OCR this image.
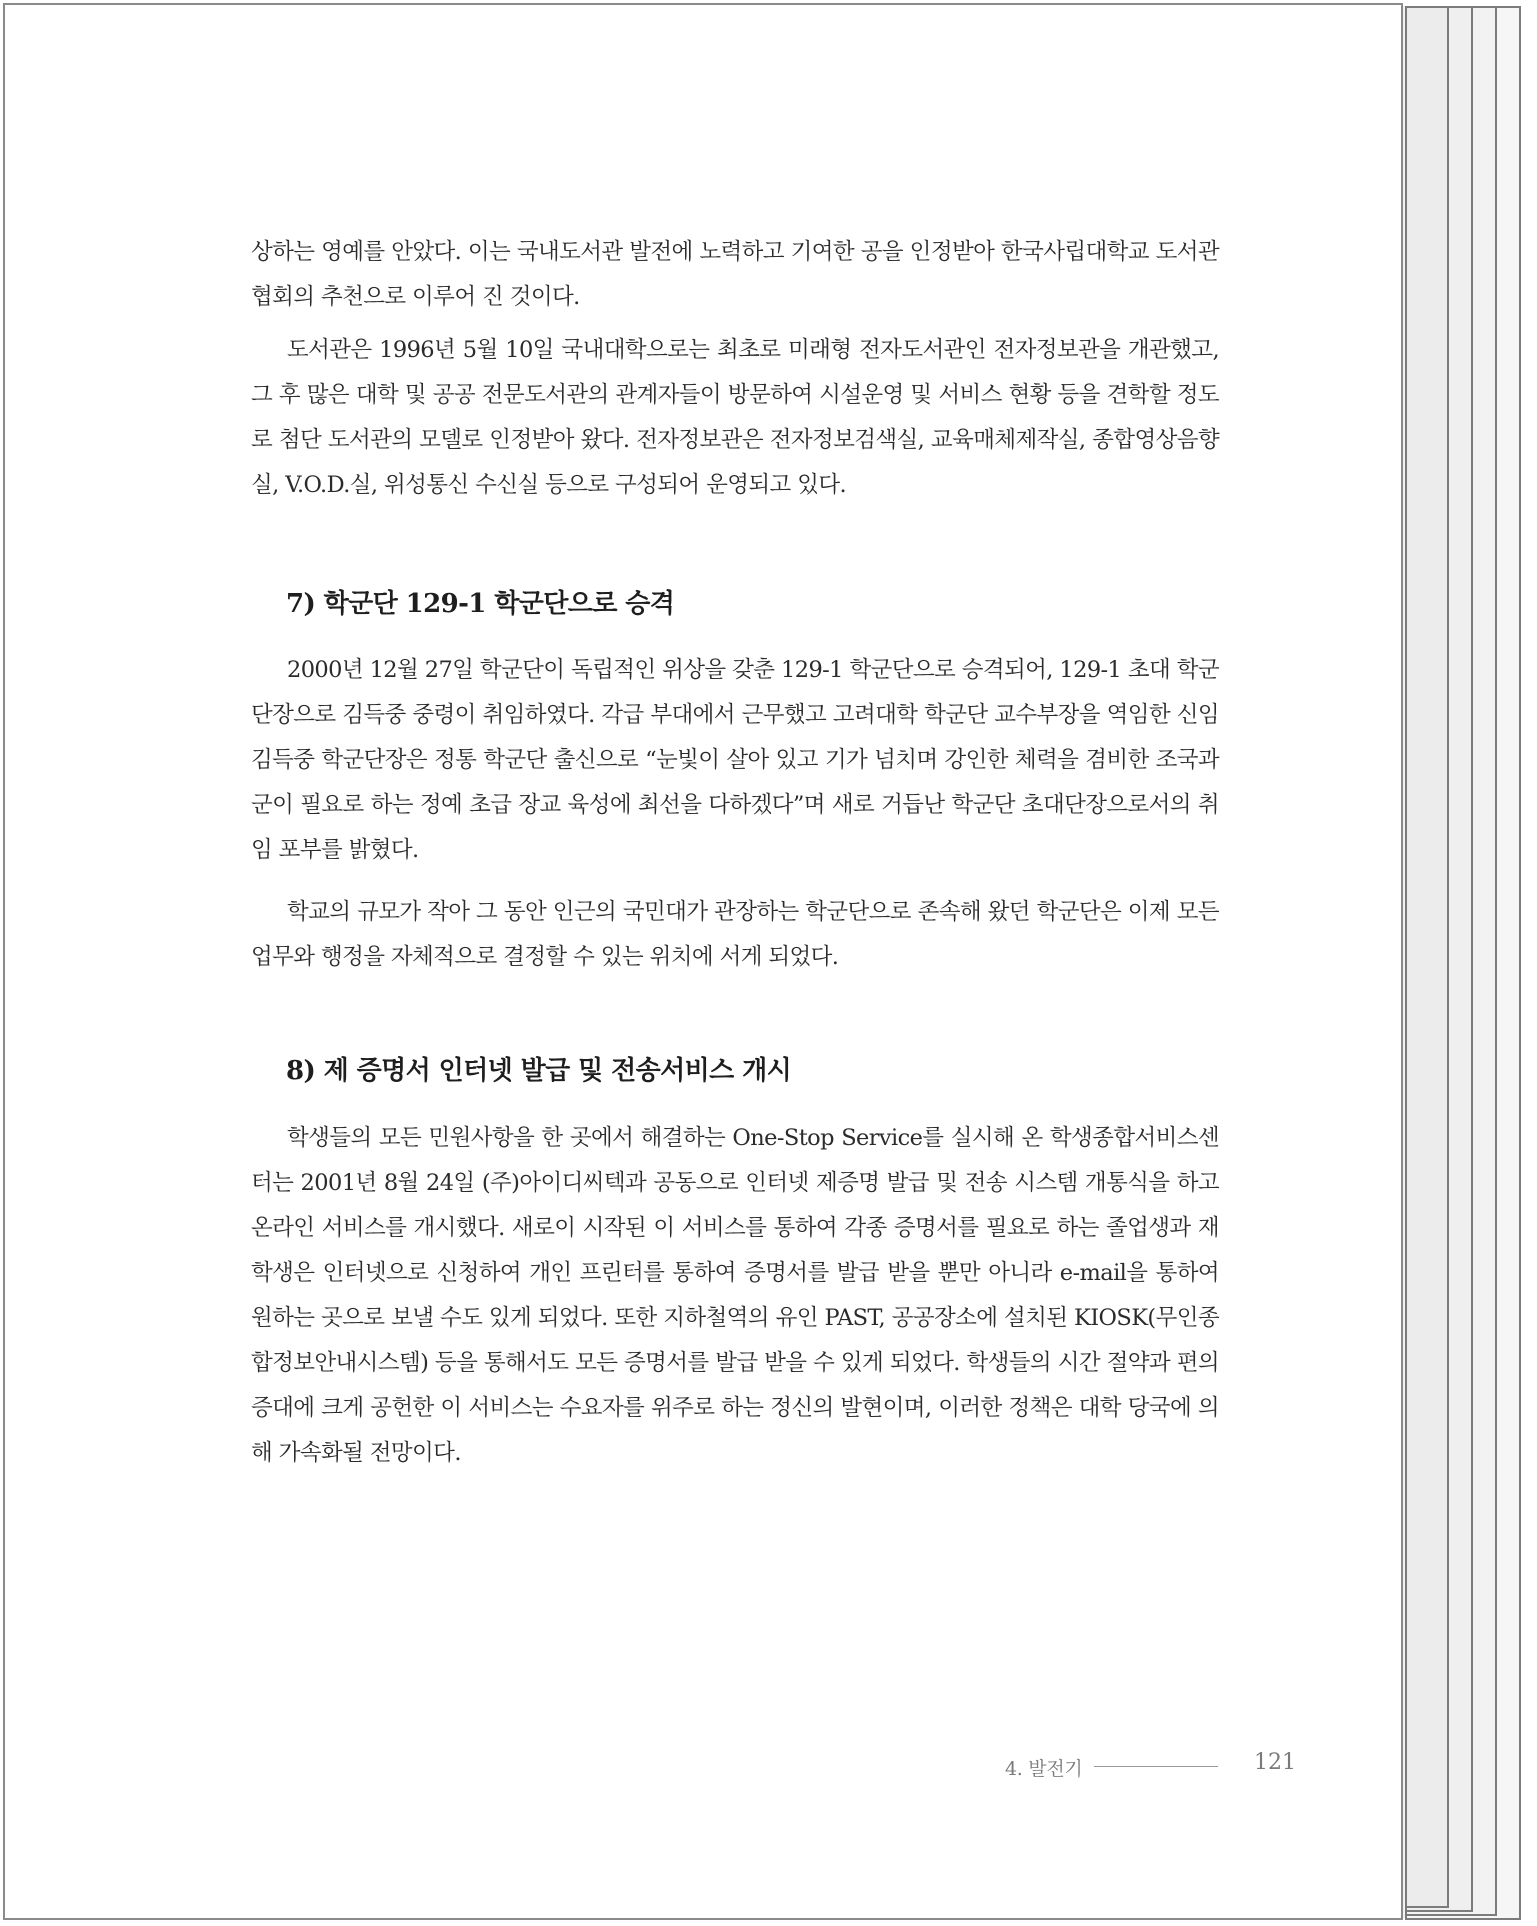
상하는 영예를 안았다. 이는 국내도서관 발전에 노력하고 기여한 공을 인정받아 한국사립대학교 도서관협회의 추천으로 이루어 진 것이다.

도서관은 1996년 5월 10일 국내대학으로는 최초로 미래형 전자도서관인 전자정보관을 개관했고, 그 후 많은 대학 및 공공 전문도서관의 관계자들이 방문하여 시설운영 및 서비스 현황 등을 견학할 정도로 첨단 도서관의 모델로 인정받아 왔다. 전자정보관은 전자정보검색실, 교육매체제작실, 종합영상음향실, V.O.D.실, 위성통신 수신실 등으로 구성되어 운영되고 있다.

7) 학군단 129-1 학군단으로 승격

2000년 12월 27일 학군단이 독립적인 위상을 갖춘 129-1 학군단으로 승격되어, 129-1 초대 학군단장으로 김득중 중령이 취임하였다. 각급 부대에서 근무했고 고려대학 학군단 교수부장을 역임한 신임 김득중 학군단장은 정통 학군단 출신으로 “눈빛이 살아 있고 기가 넘치며 강인한 체력을 겸비한 조국과 군이 필요로 하는 정예 초급 장교 육성에 최선을 다하겠다”며 새로 거듭난 학군단 초대단장으로서의 취임 포부를 밝혔다.

학교의 규모가 작아 그 동안 인근의 국민대가 관장하는 학군단으로 존속해 왔던 학군단은 이제 모든 업무와 행정을 자체적으로 결정할 수 있는 위치에 서게 되었다.

8) 제 증명서 인터넷 발급 및 전송서비스 개시

학생들의 모든 민원사항을 한 곳에서 해결하는 One-Stop Service를 실시해 온 학생종합서비스센터는 2001년 8월 24일 (주)아이디씨텍과 공동으로 인터넷 제증명 발급 및 전송 시스템 개통식을 하고 온라인 서비스를 개시했다. 새로이 시작된 이 서비스를 통하여 각종 증명서를 필요로 하는 졸업생과 재학생은 인터넷으로 신청하여 개인 프린터를 통하여 증명서를 발급 받을 뿐만 아니라 e-mail을 통하여 원하는 곳으로 보낼 수도 있게 되었다. 또한 지하철역의 유인 PAST, 공공장소에 설치된 KIOSK(무인종합정보안내시스템) 등을 통해서도 모든 증명서를 발급 받을 수 있게 되었다. 학생들의 시간 절약과 편의 증대에 크게 공헌한 이 서비스는 수요자를 위주로 하는 정신의 발현이며, 이러한 정책은 대학 당국에 의해 가속화될 전망이다.

4. 발전기	121
